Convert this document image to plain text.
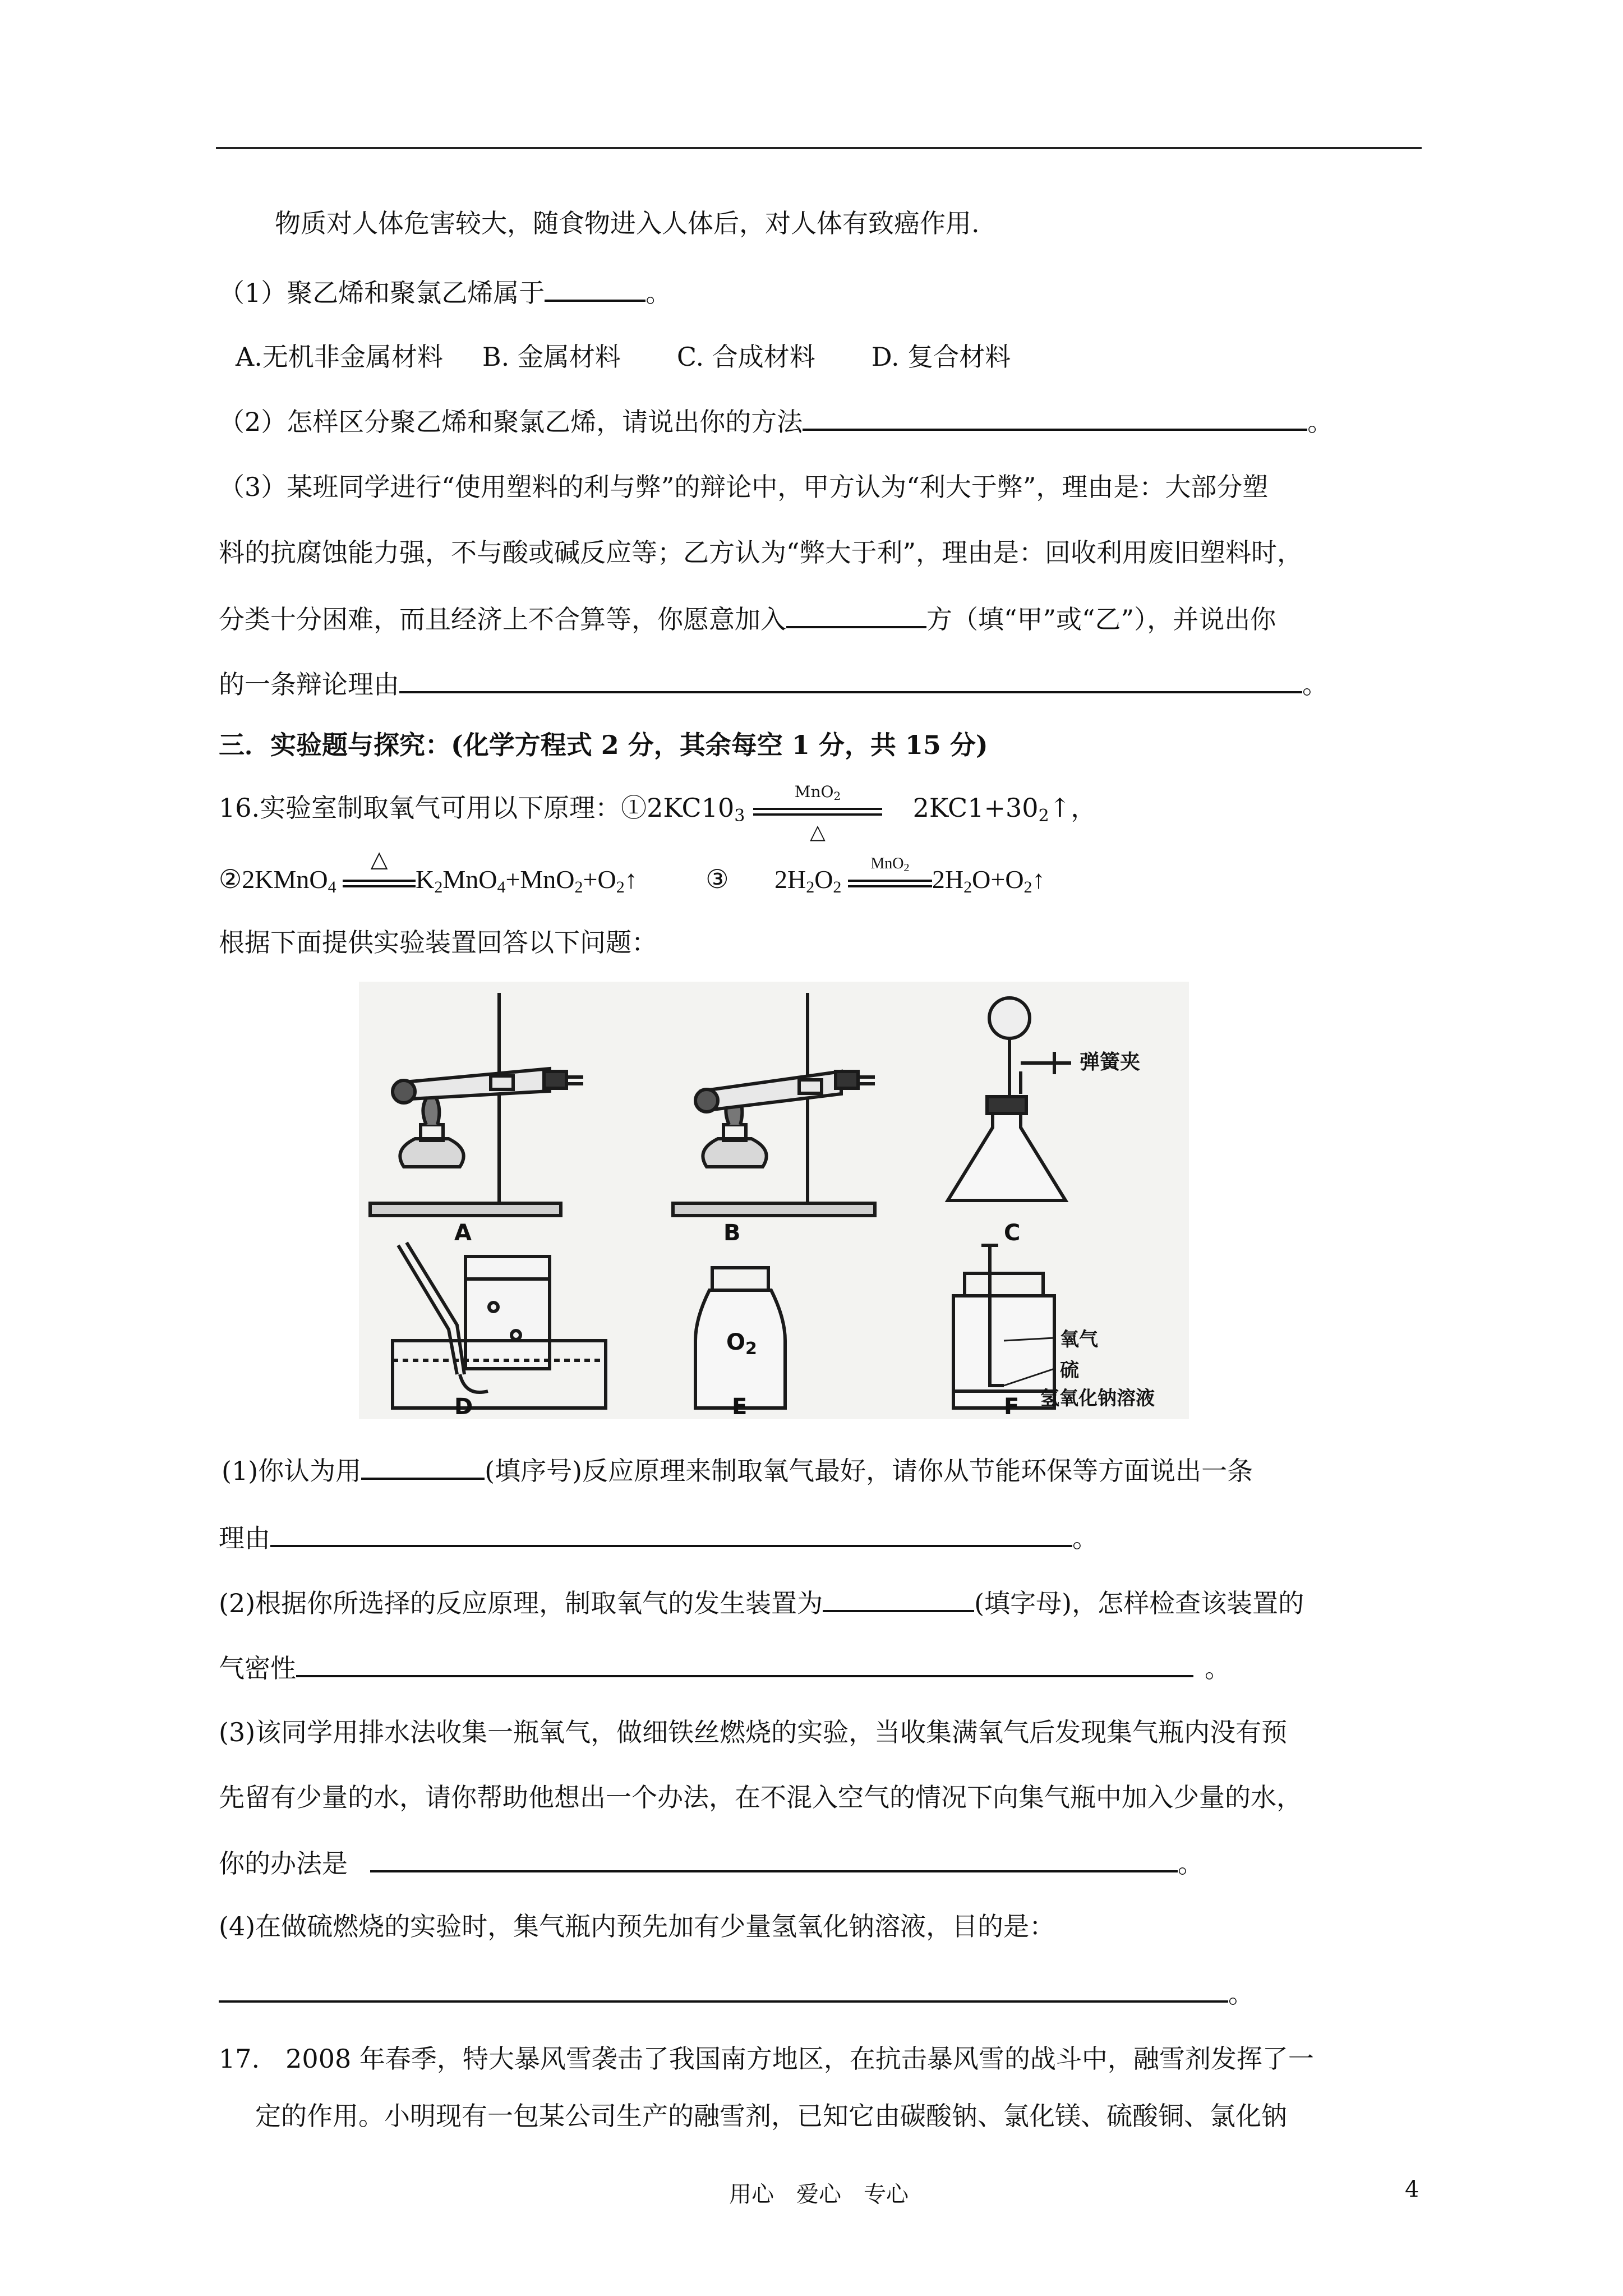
物质对人体危害较大，随食物进入人体后，对人体有致癌作用.
（1）聚乙烯和聚氯乙烯属于	。
A.无机非金属材料 B. 金属材料 C. 合成材料 D. 复合材料
（2）怎样区分聚乙烯和聚氯乙烯，请说出你的方法	。
（3）某班同学进行“使用塑料的利与弊”的辩论中，甲方认为“利大于弊”，理由是：大部分塑
料的抗腐蚀能力强，不与酸或碱反应等；乙方认为“弊大于利”，理由是：回收利用废旧塑料时，
分类十分困难，而且经济上不合算等，你愿意加入	方（填“甲”或“乙”），并说出你
的一条辩论理由	。
三．实验题与探究：(化学方程式 2 分，其余每空 1 分，共 15 分)
16.实验室制取氧气可用以下原理：$①2KC10_3$
MnO$_2$
△
$2KC1+30_2↑$，
②2KMnO$_4$
△
$K_2MnO_4+MnO_2+O_2↑$	③ $2H_2O_2$
MnO$_2$ $2H_2O+O_2↑$
根据下面提供实验装置回答以下问题：
A	B	C
D	E	F
弹簧夹
$O_2$	氧气
硫
氢氧化钠溶液
(1)你认为用	(填序号)反应原理来制取氧气最好，请你从节能环保等方面说出一条
理由	。
(2)根据你所选择的反应原理，制取氧气的发生装置为	(填字母)，怎样检查该装置的
气密性	。
(3)该同学用排水法收集一瓶氧气，做细铁丝燃烧的实验，当收集满氧气后发现集气瓶内没有预
先留有少量的水，请你帮助他想出一个办法，在不混入空气的情况下向集气瓶中加入少量的水，
你的办法是	。
(4)在做硫燃烧的实验时，集气瓶内预先加有少量氢氧化钠溶液，目的是：
。
17.　2008 年春季，特大暴风雪袭击了我国南方地区，在抗击暴风雪的战斗中，融雪剂发挥了一
定的作用。小明现有一包某公司生产的融雪剂，已知它由碳酸钠、氯化镁、硫酸铜、氯化钠
用心　爱心　专心	4
